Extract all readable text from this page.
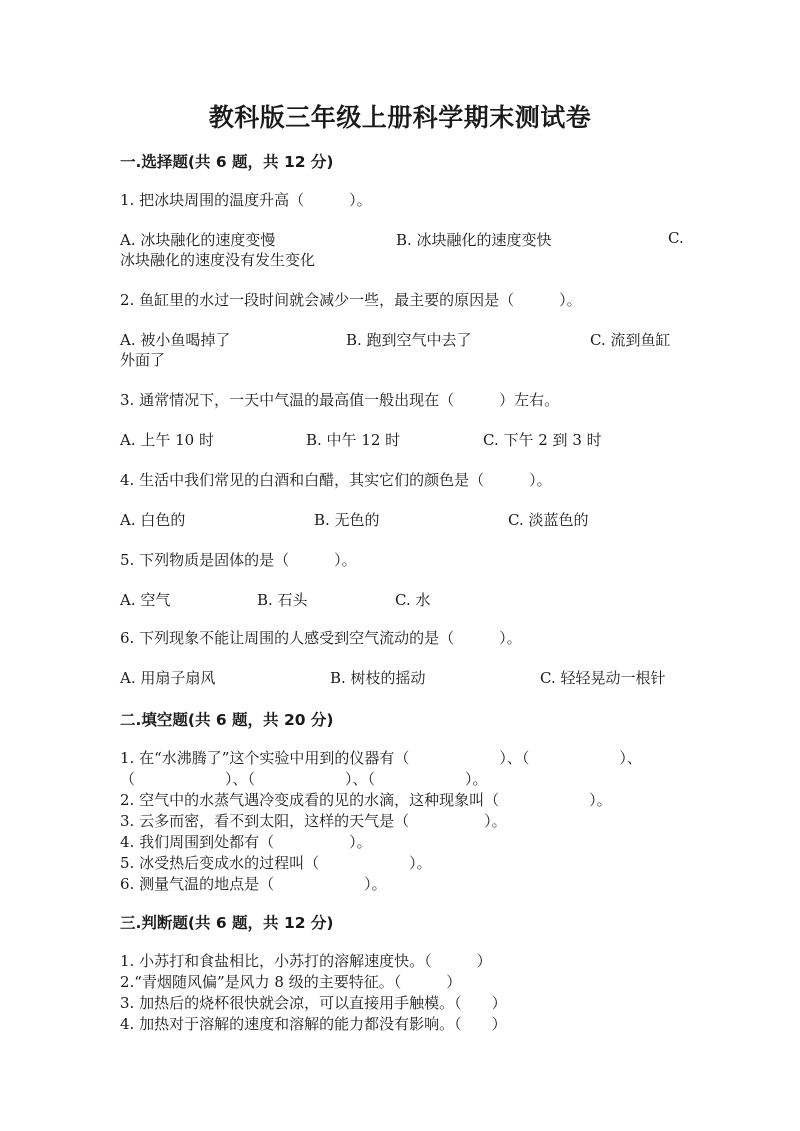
教科版三年级上册科学期末测试卷
一.选择题(共 6 题，共 12 分)
1. 把冰块周围的温度升高（　　　）。
A. 冰块融化的速度变慢	B. 冰块融化的速度变快	C.
冰块融化的速度没有发生变化
2. 鱼缸里的水过一段时间就会减少一些，最主要的原因是（　　　）。
A. 被小鱼喝掉了	B. 跑到空气中去了	C. 流到鱼缸
外面了
3. 通常情况下，一天中气温的最高值一般出现在（　　　）左右。
A. 上午 10 时	B. 中午 12 时	C. 下午 2 到 3 时
4. 生活中我们常见的白酒和白醋，其实它们的颜色是（　　　）。
A. 白色的	B. 无色的	C. 淡蓝色的
5. 下列物质是固体的是（　　　）。
A. 空气	B. 石头	C. 水
6. 下列现象不能让周围的人感受到空气流动的是（　　　）。
A. 用扇子扇风	B. 树枝的摇动	C. 轻轻晃动一根针
二.填空题(共 6 题，共 20 分)
1. 在“水沸腾了”这个实验中用到的仪器有（　　　　　　）、（　　　　　　）、
（　　　　　　）、（　　　　　　）、（　　　　　　）。
2. 空气中的水蒸气遇冷变成看的见的水滴，这种现象叫（　　　　　　）。
3. 云多而密，看不到太阳，这样的天气是（　　　　　）。
4. 我们周围到处都有（　　　　　）。
5. 冰受热后变成水的过程叫（　　　　　　）。
6. 测量气温的地点是（　　　　　　）。
三.判断题(共 6 题，共 12 分)
1. 小苏打和食盐相比，小苏打的溶解速度快。（　　　）
2.“青烟随风偏”是风力 8 级的主要特征。（　　　）
3. 加热后的烧杯很快就会凉，可以直接用手触模。（　　）
4. 加热对于溶解的速度和溶解的能力都没有影响。（　　）
